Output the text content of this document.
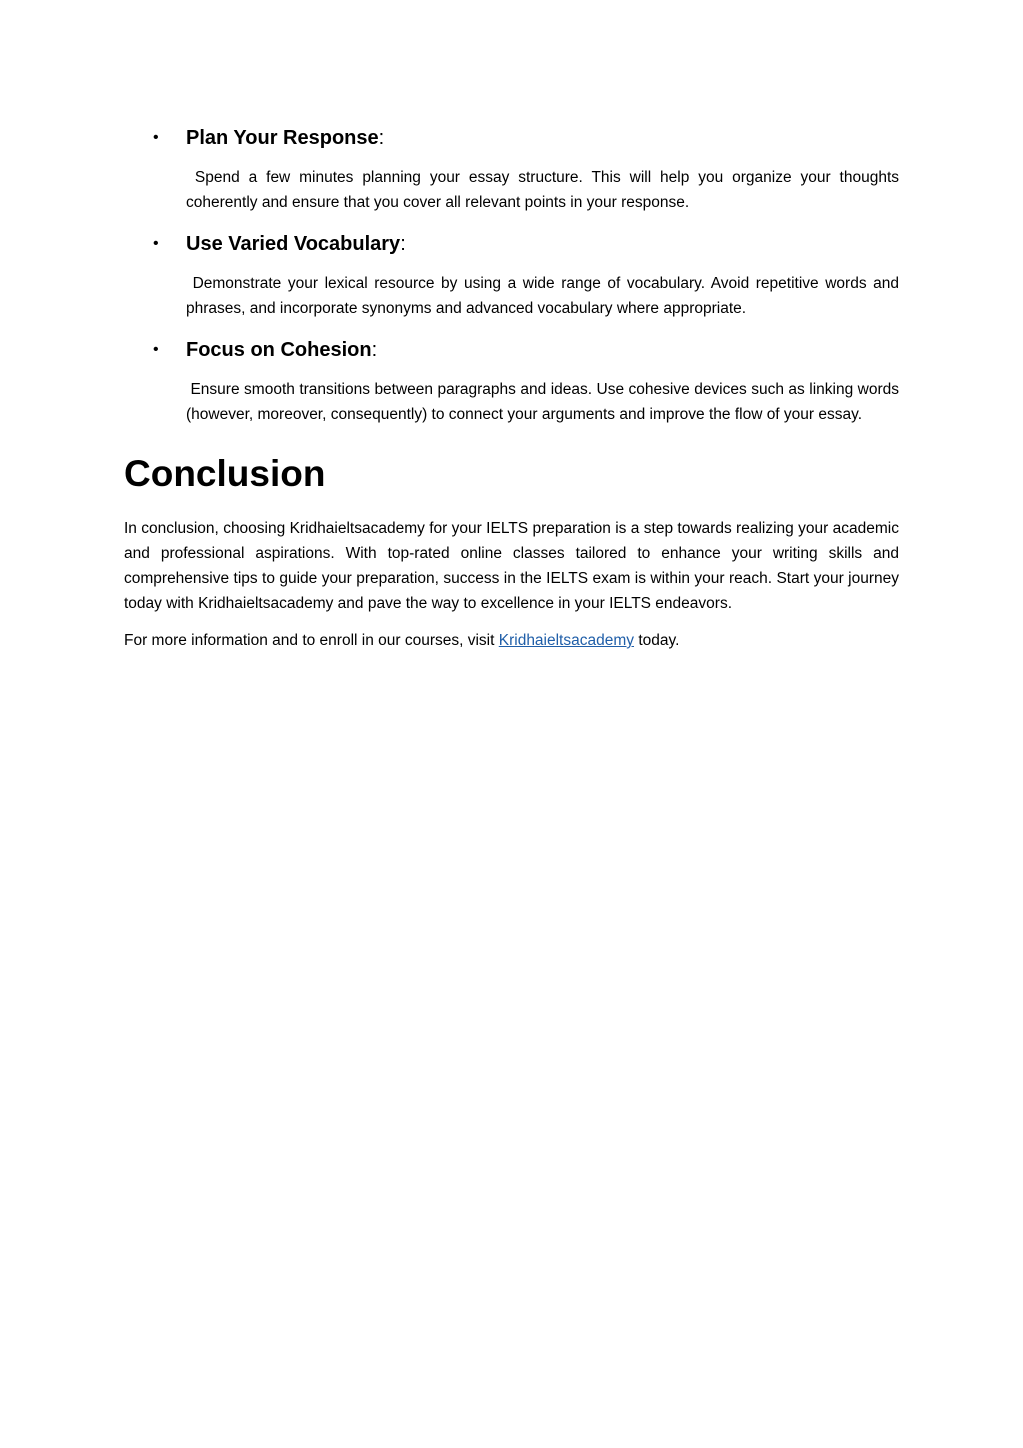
• Plan Your Response:

Spend a few minutes planning your essay structure. This will help you organize your thoughts coherently and ensure that you cover all relevant points in your response.

• Use Varied Vocabulary:

Demonstrate your lexical resource by using a wide range of vocabulary. Avoid repetitive words and phrases, and incorporate synonyms and advanced vocabulary where appropriate.

• Focus on Cohesion:

Ensure smooth transitions between paragraphs and ideas. Use cohesive devices such as linking words (however, moreover, consequently) to connect your arguments and improve the flow of your essay.

Conclusion

In conclusion, choosing Kridhaieltsacademy for your IELTS preparation is a step towards realizing your academic and professional aspirations. With top-rated online classes tailored to enhance your writing skills and comprehensive tips to guide your preparation, success in the IELTS exam is within your reach. Start your journey today with Kridhaieltsacademy and pave the way to excellence in your IELTS endeavors.

For more information and to enroll in our courses, visit Kridhaieltsacademy today.
